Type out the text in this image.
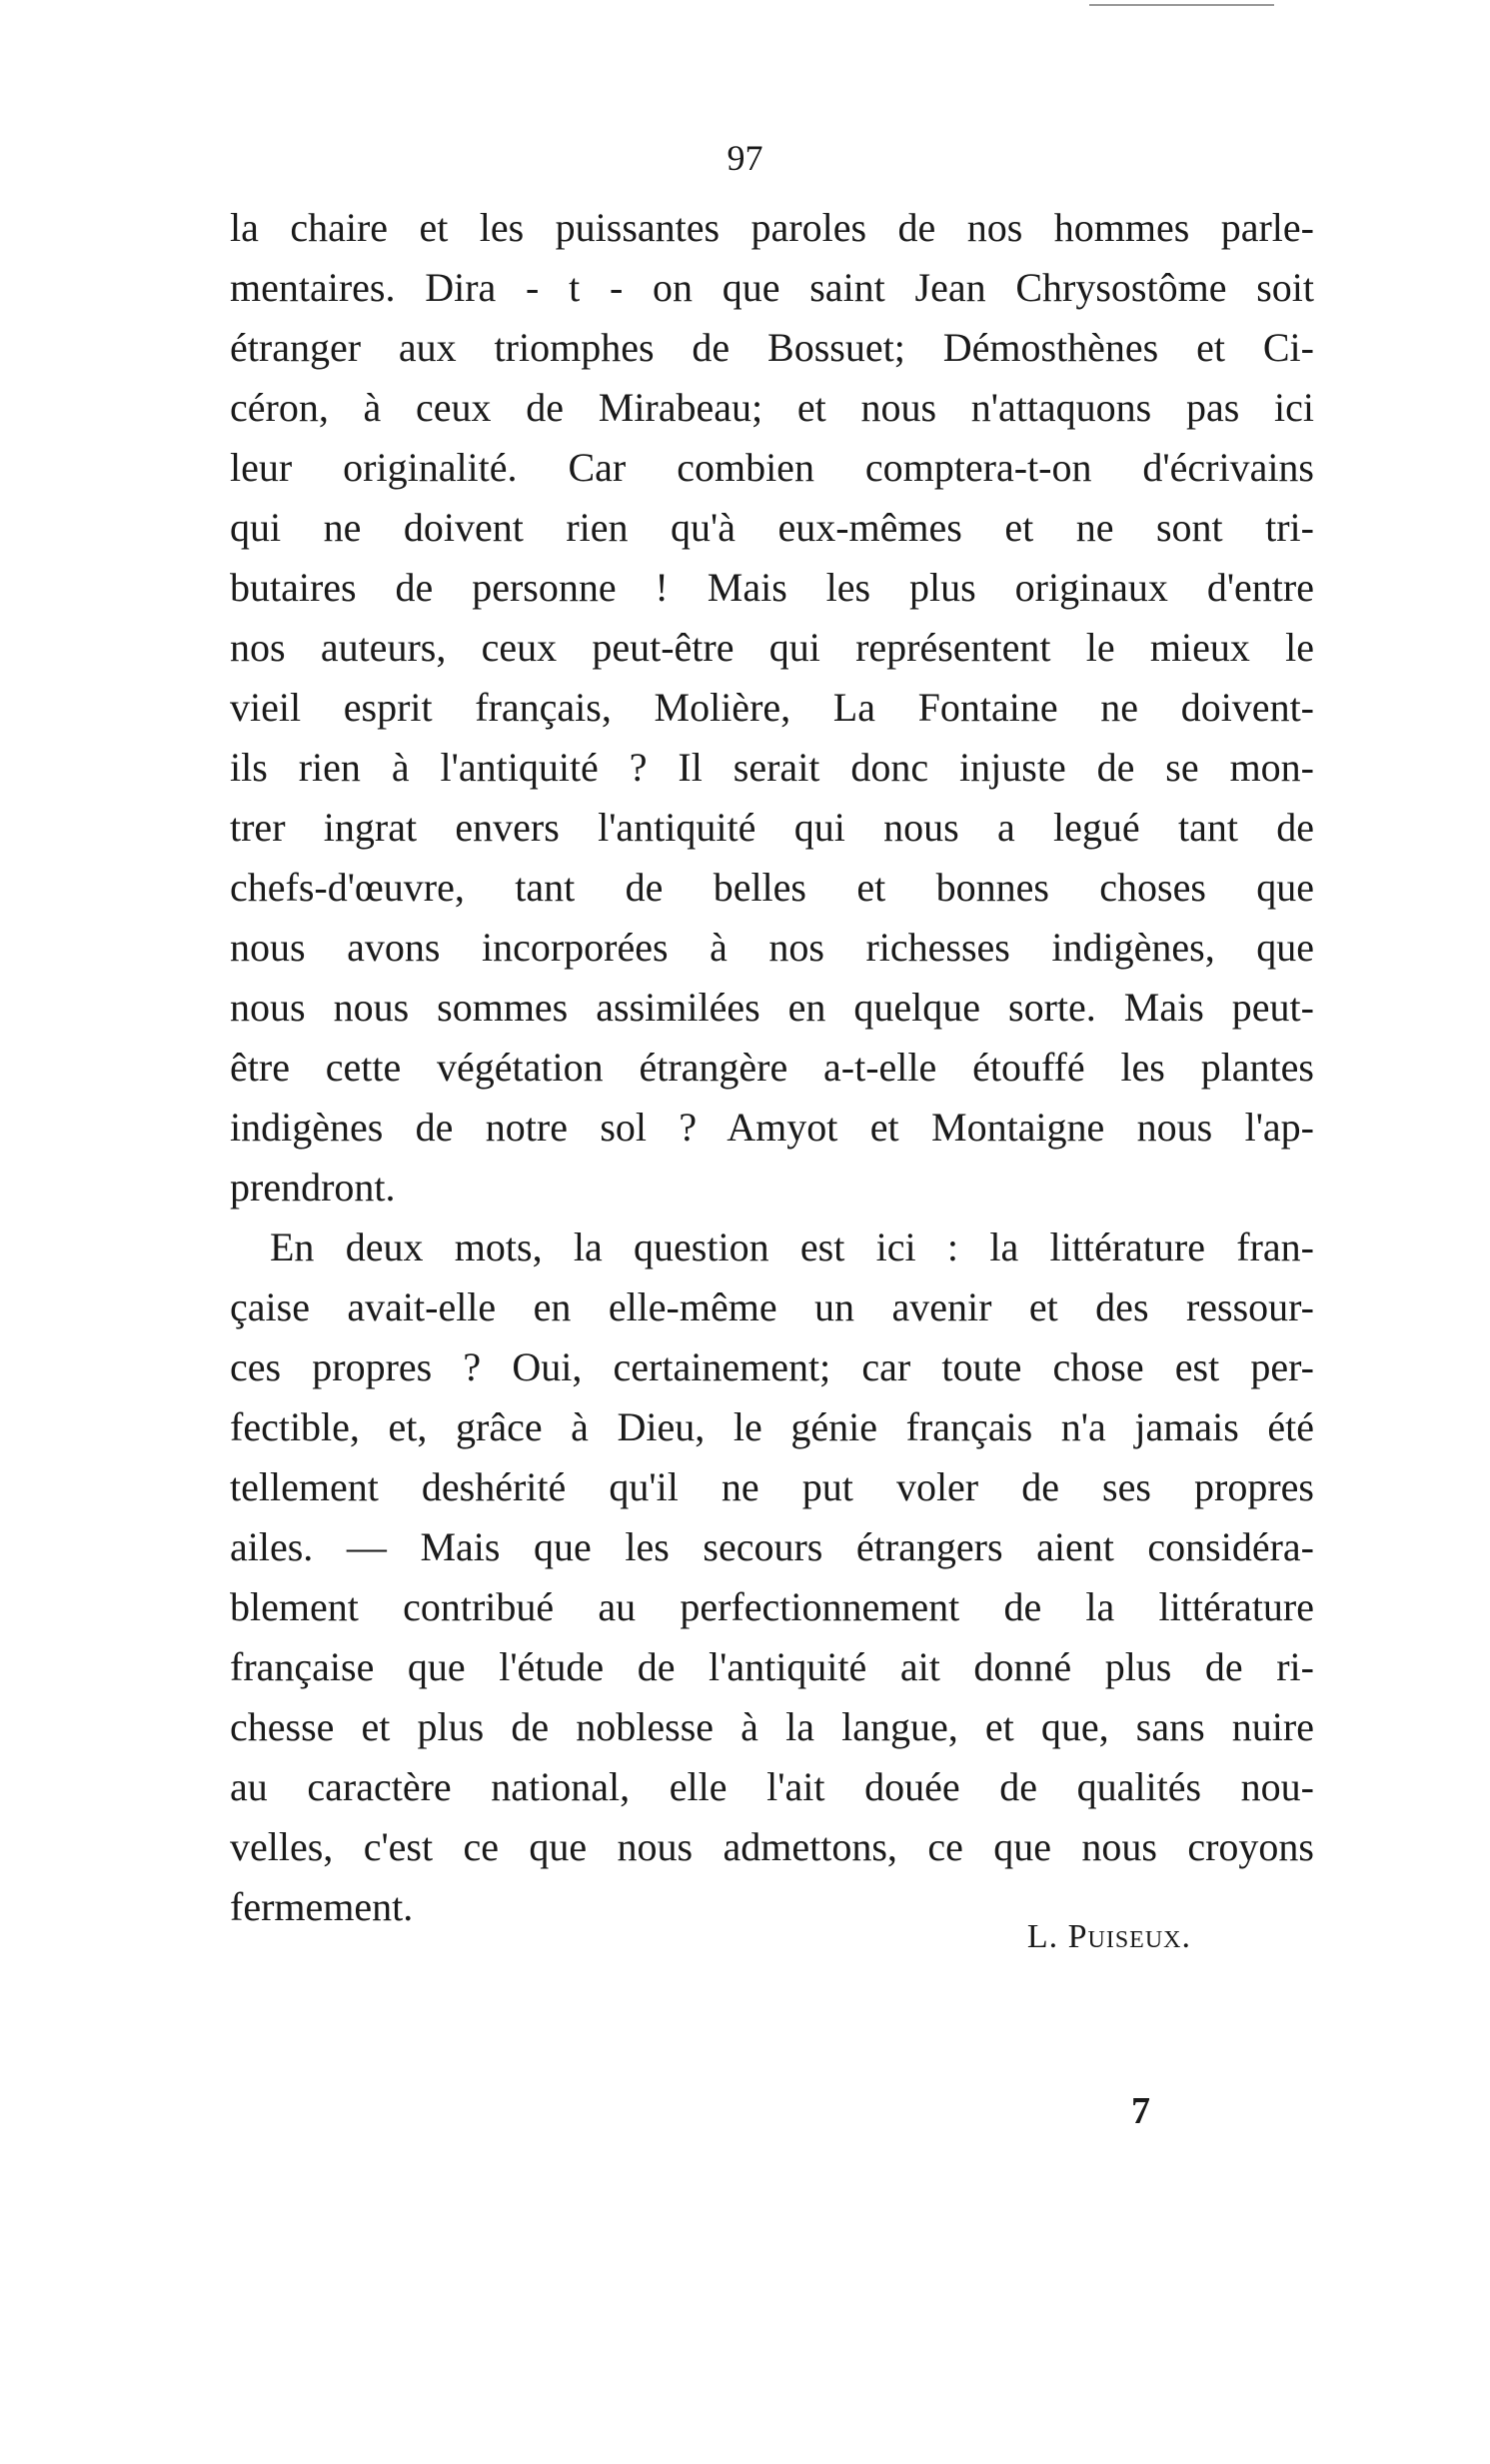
97
la chaire et les puissantes paroles de nos hommes parle-
mentaires. Dira - t - on que saint Jean Chrysostôme soit
étranger aux triomphes de Bossuet; Démosthènes et Ci-
céron, à ceux de Mirabeau; et nous n'attaquons pas ici
leur originalité. Car combien comptera-t-on d'écrivains
qui ne doivent rien qu'à eux-mêmes et ne sont tri-
butaires de personne ! Mais les plus originaux d'entre
nos auteurs, ceux peut-être qui représentent le mieux le
vieil esprit français, Molière, La Fontaine ne doivent-
ils rien à l'antiquité ? Il serait donc injuste de se mon-
trer ingrat envers l'antiquité qui nous a legué tant de
chefs-d'œuvre, tant de belles et bonnes choses que
nous avons incorporées à nos richesses indigènes, que
nous nous sommes assimilées en quelque sorte. Mais peut-
être cette végétation étrangère a-t-elle étouffé les plantes
indigènes de notre sol ? Amyot et Montaigne nous l'ap-
prendront.
En deux mots, la question est ici : la littérature fran-
çaise avait-elle en elle-même un avenir et des ressour-
ces propres ? Oui, certainement; car toute chose est per-
fectible, et, grâce à Dieu, le génie français n'a jamais été
tellement deshérité qu'il ne put voler de ses propres
ailes. — Mais que les secours étrangers aient considéra-
blement contribué au perfectionnement de la littérature
française que l'étude de l'antiquité ait donné plus de ri-
chesse et plus de noblesse à la langue, et que, sans nuire
au caractère national, elle l'ait douée de qualités nou-
velles, c'est ce que nous admettons, ce que nous croyons
fermement.
L. Puiseux.
7
